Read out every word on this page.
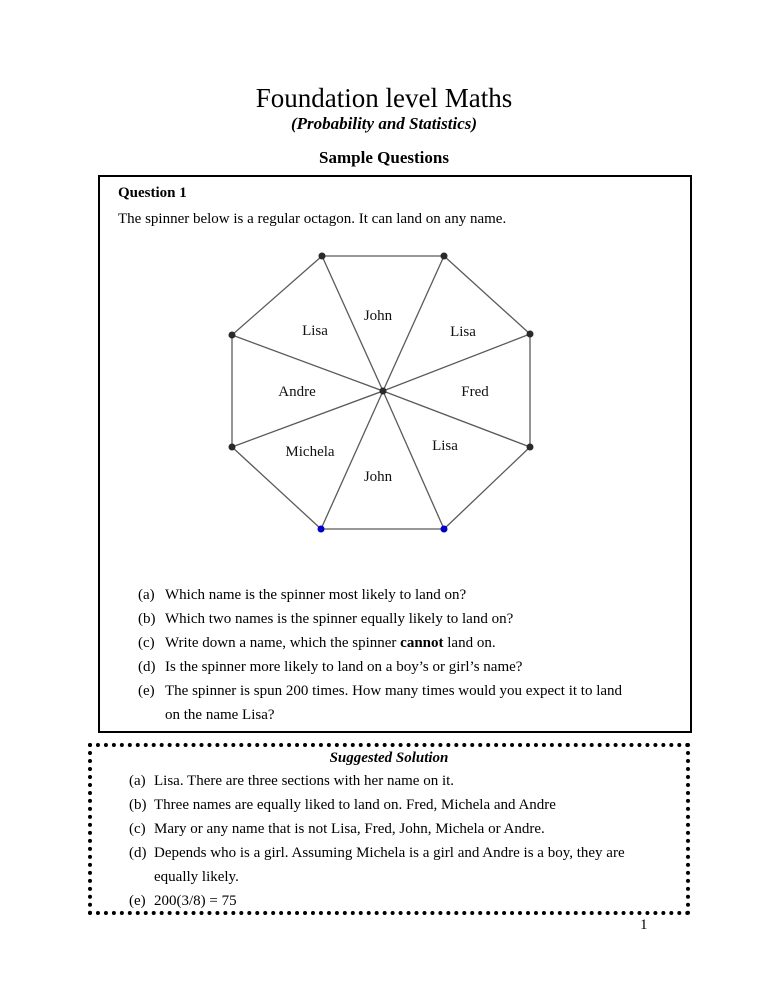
Foundation level Maths
(Probability and Statistics)
Sample Questions
Question 1
The spinner below is a regular octagon. It can land on any name.
John
Lisa
Fred
Lisa
John
Michela
Andre
Lisa
(a) Which name is the spinner most likely to land on?
(b) Which two names is the spinner equally likely to land on?
(c) Write down a name, which the spinner cannot land on.
(d) Is the spinner more likely to land on a boy’s or girl’s name?
(e) The spinner is spun 200 times. How many times would you expect it to land
on the name Lisa?
Suggested Solution
(a) Lisa. There are three sections with her name on it.
(b) Three names are equally liked to land on. Fred, Michela and Andre
(c) Mary or any name that is not Lisa, Fred, John, Michela or Andre.
(d) Depends who is a girl. Assuming Michela is a girl and Andre is a boy, they are
equally likely.
(e) 200(3/8) = 75
1
